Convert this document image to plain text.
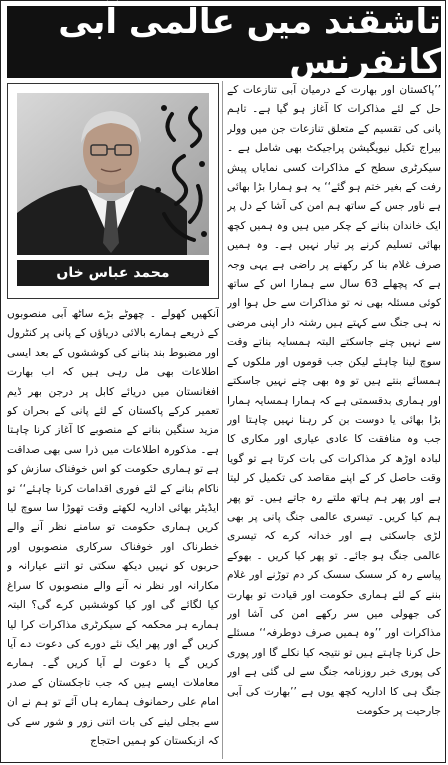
تاشقند میں عالمی آبی کانفرنس
محمد عباس خاں

’’پاکستان اور بھارت کے درمیان آبی تنازعات کے حل کے لئے مذاکرات کا آغاز ہو گیا ہے۔ تاہم پانی کی تقسیم کے متعلق تنازعات جن میں وولر بیراج تکیل نیویگیشن پراجیکٹ بھی شامل ہے ۔ سیکرٹری سطح کے مذاکرات کسی نمایاں پیش رفت کے بغیر ختم ہو گئے‘‘ یہ ہو ہمارا بڑا بھائی ہے ناور جس کے ساتھ ہم امن کی آشا کے دل پر ایک خاندان بنانے کے چکر میں ہیں وہ ہمیں کچھ بھائی تسلیم کرنے پر تیار نہیں ہے۔ وہ ہمیں صرف غلام بنا کر رکھنے پر راضی ہے یہی وجہ ہے کہ پچھلے 63 سال سے ہمارا اس کے ساتھ کوئی مسئلہ بھی نہ تو مذاکرات سے حل ہوا اور نہ ہی جنگ سے کہتے ہیں رشتہ دار اپنی مرضی سے نہیں چنے جاسکتے البتہ ہمسایہ بناتے وقت سوچ لینا چاہئے لیکن جب قوموں اور ملکوں کے ہمسائے بنتے ہیں تو وہ بھی چنے نہیں جاسکتے اور ہماری بدقسمتی ہے کہ ہمارا ہمسایہ ہمارا بڑا بھائی یا دوست بن کر رہنا نہیں چاہتا اور جب وہ منافقت کا عادی عیاری اور مکاری کا لبادہ اوڑھ کر مذاکرات کی بات کرتا ہے تو گویا وقت حاصل کر کے اپنے مقاصد کی تکمیل کر لیتا ہے اور پھر ہم ہاتھ ملتے رہ جاتے ہیں۔ تو پھر ہم کیا کریں۔ تیسری عالمی جنگ پانی پر بھی لڑی جاسکتی ہے اور خدانہ کرے کہ تیسری عالمی جنگ ہو جائے۔ تو پھر کیا کریں ۔ بھوکے پیاسے رہ کر سسک سسک کر دم توڑنے اور غلام بننے کے لئے ہماری حکومت اور قیادت تو بھارت کی جھولی میں سر رکھے امن کی آشا اور مذاکرات اور ’’وہ ہمیں صرف دوطرفہ‘‘ مسئلے حل کرنا چاہتے ہیں تو نتیجہ کیا نکلے گا اور پوری کی پوری خبر روزنامہ جنگ سے لی گئی ہے اور جنگ ہی کا اداریہ کچھ یوں ہے ’’بھارت کی آبی جارحیت پر حکومت

آنکھیں کھولے ۔ چھوٹے بڑے ساٹھ آبی منصوبوں کے ذریعے ہمارے بالائی دریاؤں کے پانی پر کنٹرول اور مضبوط بند بنانے کی کوششوں کے بعد ایسی اطلاعات بھی مل رہی ہیں کہ اب بھارت افغانستان میں دریائے کابل پر درجن بھر ڈیم تعمیر کرکے پاکستان کے لئے پانی کے بحران کو مزید سنگین بنانے کے منصوبے کا آغاز کرنا چاہتا ہے۔ مذکورہ اطلاعات میں ذرا سی بھی صداقت ہے تو ہماری حکومت کو اس خوفناک سازش کو ناکام بنانے کے لئے فوری اقدامات کرنا چاہئے‘‘ تو ایڈیٹر بھائی اداریہ لکھتے وقت تھوڑا سا سوچ لیا کریں ہماری حکومت تو سامنے نظر آنے والے خطرناک اور خوفناک سرکاری منصوبوں اور حربوں کو نہیں دیکھ سکتی تو اتنے عیارانہ و مکارانہ اور نظر نہ آنے والے منصوبوں کا سراغ کیا لگائے گی اور کیا کوششیں کرے گی؟ البتہ ہمارے ہر محکمہ کے سیکرٹری مذاکرات کرا لیا کریں گے اور پھر ایک نئے دورے کی دعوت دے آیا کریں گے یا دعوت لے آیا کریں گے۔ ہمارے معاملات ایسے ہیں کہ جب تاجکستان کے صدر امام علی رحمانوف ہمارے ہاں آئے تو ہم نے ان سے بجلی لینے کی بات اتنی زور و شور سے کی کہ ازبکستان کو ہمیں احتجاج
